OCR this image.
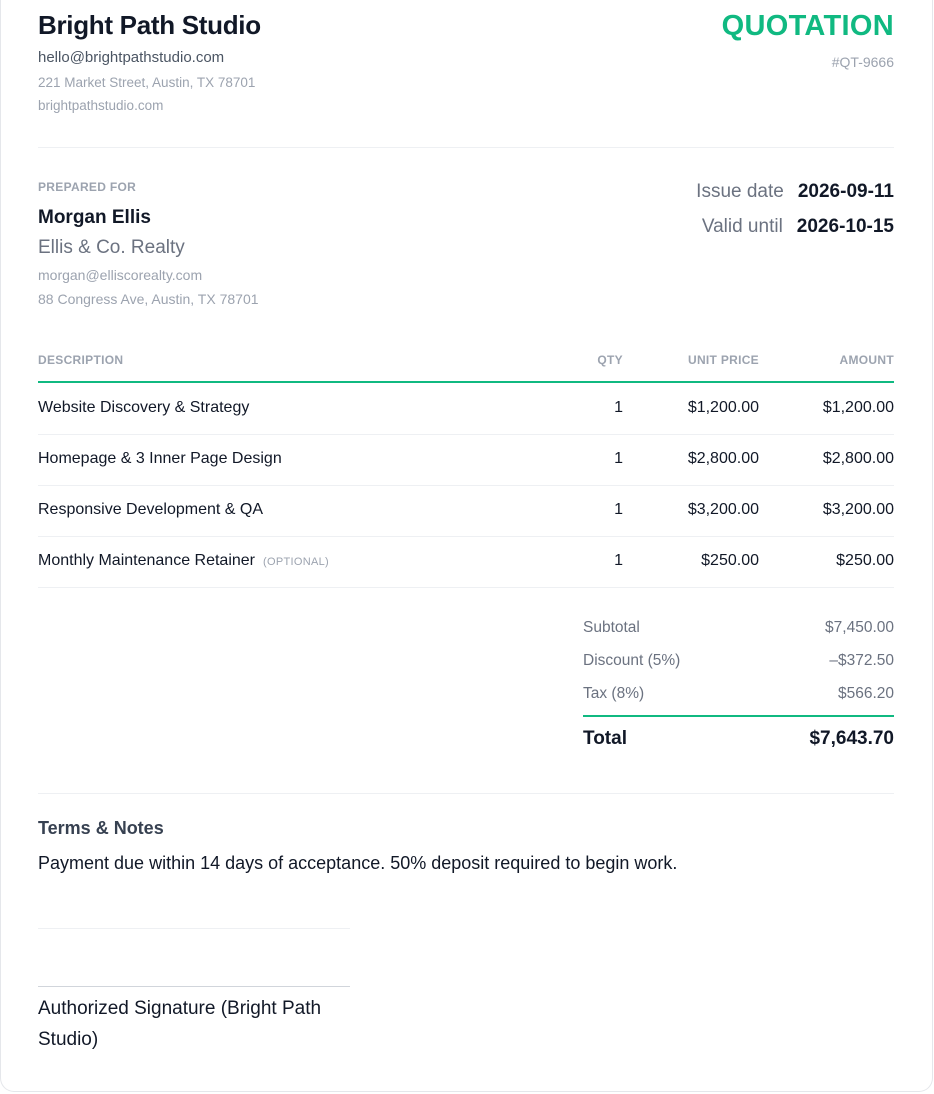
Bright Path Studio
hello@brightpathstudio.com
221 Market Street, Austin, TX 78701
brightpathstudio.com
QUOTATION
#QT-9666
PREPARED FOR
Morgan Ellis
Ellis & Co. Realty
morgan@elliscorealty.com
88 Congress Ave, Austin, TX 78701
Issue date 2026-09-11
Valid until 2026-10-15
DESCRIPTION	QTY	UNIT PRICE	AMOUNT
Website Discovery & Strategy	1	$1,200.00	$1,200.00
Homepage & 3 Inner Page Design	1	$2,800.00	$2,800.00
Responsive Development & QA	1	$3,200.00	$3,200.00
Monthly Maintenance Retainer (OPTIONAL)	1	$250.00	$250.00
Subtotal	$7,450.00
Discount (5%)	–$372.50
Tax (8%)	$566.20
Total	$7,643.70
Terms & Notes
Payment due within 14 days of acceptance. 50% deposit required to begin work.
Authorized Signature (Bright Path Studio)
